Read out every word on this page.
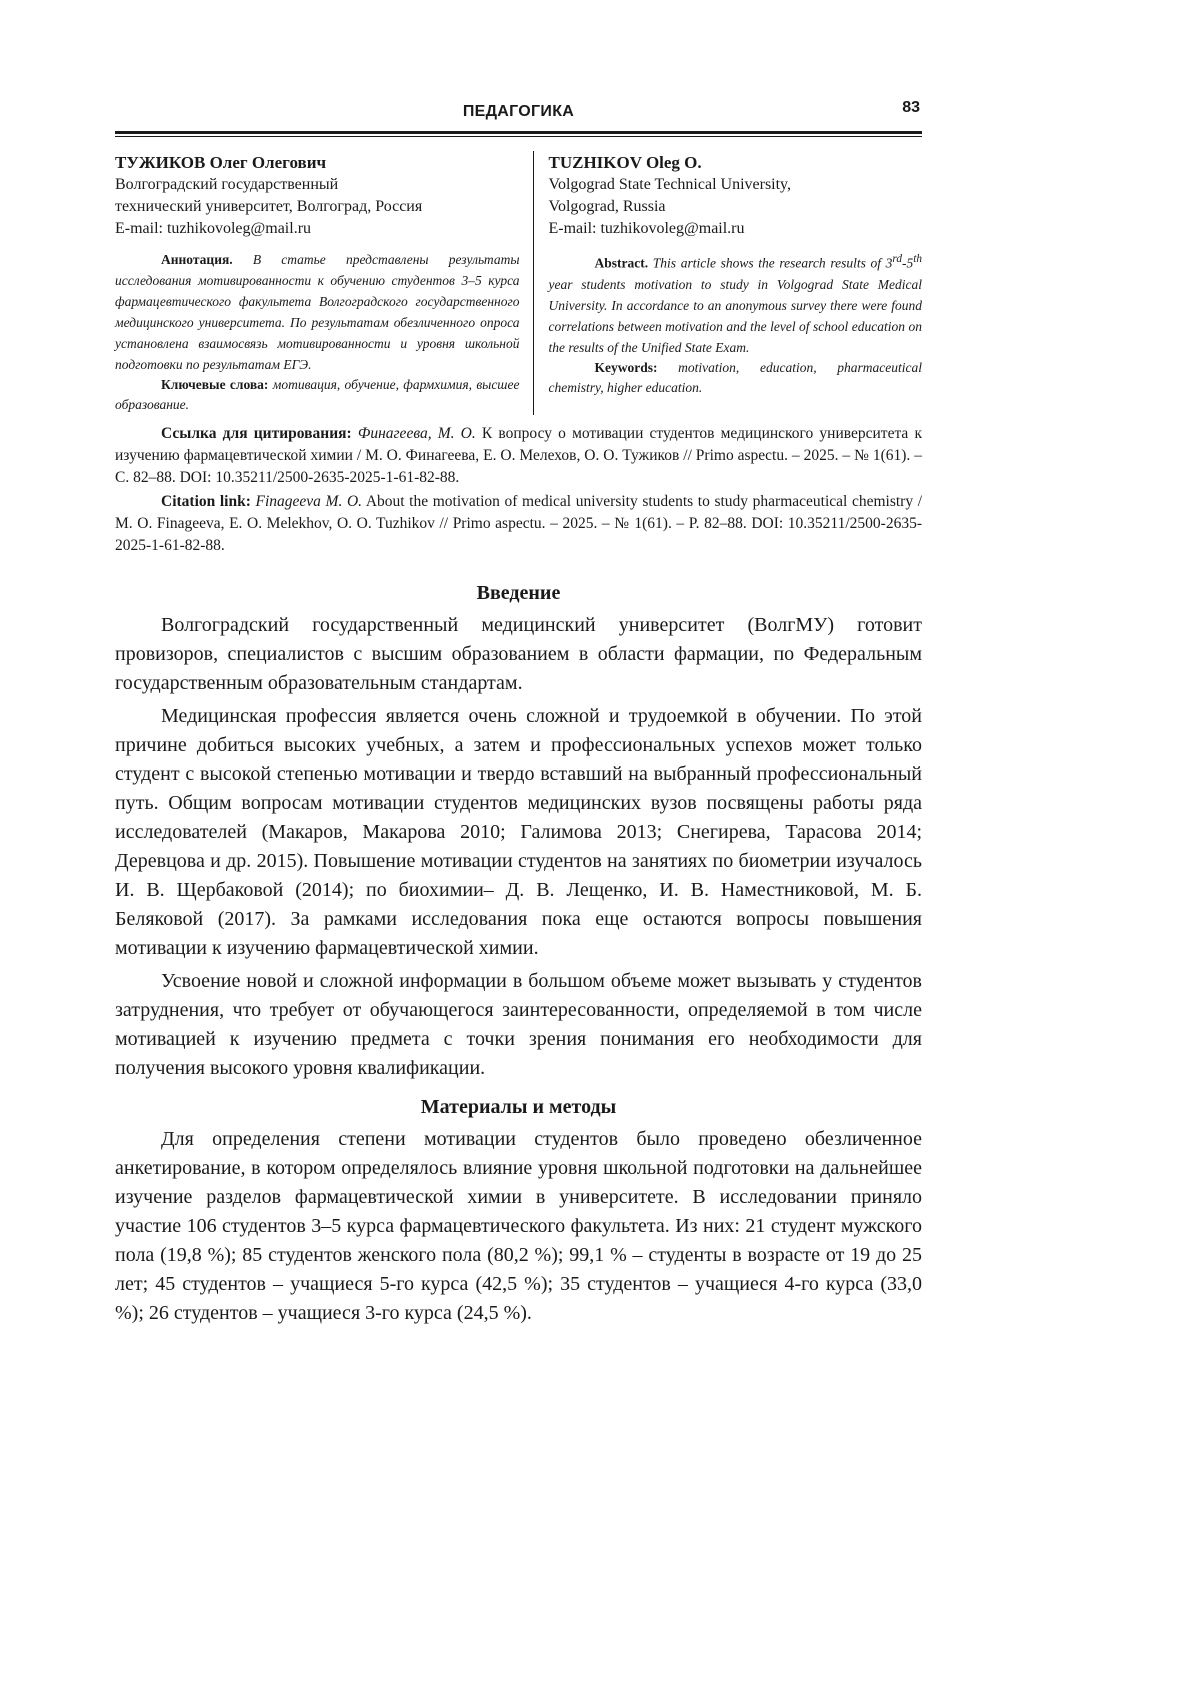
ПЕДАГОГИКА	83
ТУЖИКОВ Олег Олегович
Волгоградский государственный
технический университет, Волгоград, Россия
E-mail: tuzhikovoleg@mail.ru
Аннотация. В статье представлены результаты исследования мотивированности к обучению студентов 3–5 курса фармацевтического факультета Волгоградского государственного медицинского университета. По результатам обезличенного опроса установлена взаимосвязь мотивированности и уровня школьной подготовки по результатам ЕГЭ.
Ключевые слова: мотивация, обучение, фармхимия, высшее образование.
TUZHIKOV Oleg O.
Volgograd State Technical University,
Volgograd, Russia
E-mail: tuzhikovoleg@mail.ru
Abstract. This article shows the research results of 3rd-5th year students motivation to study in Volgograd State Medical University. In accordance to an anonymous survey there were found correlations between motivation and the level of school education on the results of the Unified State Exam.
Keywords: motivation, education, pharmaceutical chemistry, higher education.
Ссылка для цитирования: Финагеева, М. О. К вопросу о мотивации студентов медицинского университета к изучению фармацевтической химии / М. О. Финагеева, Е. О. Мелехов, О. О. Тужиков // Primo aspectu. – 2025. – № 1(61). – С. 82–88. DOI: 10.35211/2500-2635-2025-1-61-82-88.
Citation link: Finageeva M. O. About the motivation of medical university students to study pharmaceutical chemistry / M. O. Finageeva, E. O. Melekhov, O. O. Tuzhikov // Primo aspectu. – 2025. – № 1(61). – P. 82–88. DOI: 10.35211/2500-2635-2025-1-61-82-88.
Введение

Волгоградский государственный медицинский университет (ВолгМУ) готовит провизоров, специалистов с высшим образованием в области фармации, по Федеральным государственным образовательным стандартам.

Медицинская профессия является очень сложной и трудоемкой в обучении. По этой причине добиться высоких учебных, а затем и профессиональных успехов может только студент с высокой степенью мотивации и твердо вставший на выбранный профессиональный путь. Общим вопросам мотивации студентов медицинских вузов посвящены работы ряда исследователей (Макаров, Макарова 2010; Галимова 2013; Снегирева, Тарасова 2014; Деревцова и др. 2015). Повышение мотивации студентов на занятиях по биометрии изучалось И. В. Щербаковой (2014); по биохимии– Д. В. Лещенко, И. В. Наместниковой, М. Б. Беляковой (2017). За рамками исследования пока еще остаются вопросы повышения мотивации к изучению фармацевтической химии.

Усвоение новой и сложной информации в большом объеме может вызывать у студентов затруднения, что требует от обучающегося заинтересованности, определяемой в том числе мотивацией к изучению предмета с точки зрения понимания его необходимости для получения высокого уровня квалификации.

Материалы и методы

Для определения степени мотивации студентов было проведено обезличенное анкетирование, в котором определялось влияние уровня школьной подготовки на дальнейшее изучение разделов фармацевтической химии в университете. В исследовании приняло участие 106 студентов 3–5 курса фармацевтического факультета. Из них: 21 студент мужского пола (19,8 %); 85 студентов женского пола (80,2 %); 99,1 % – студенты в возрасте от 19 до 25 лет; 45 студентов – учащиеся 5-го курса (42,5 %); 35 студентов – учащиеся 4-го курса (33,0 %); 26 студентов – учащиеся 3-го курса (24,5 %).
